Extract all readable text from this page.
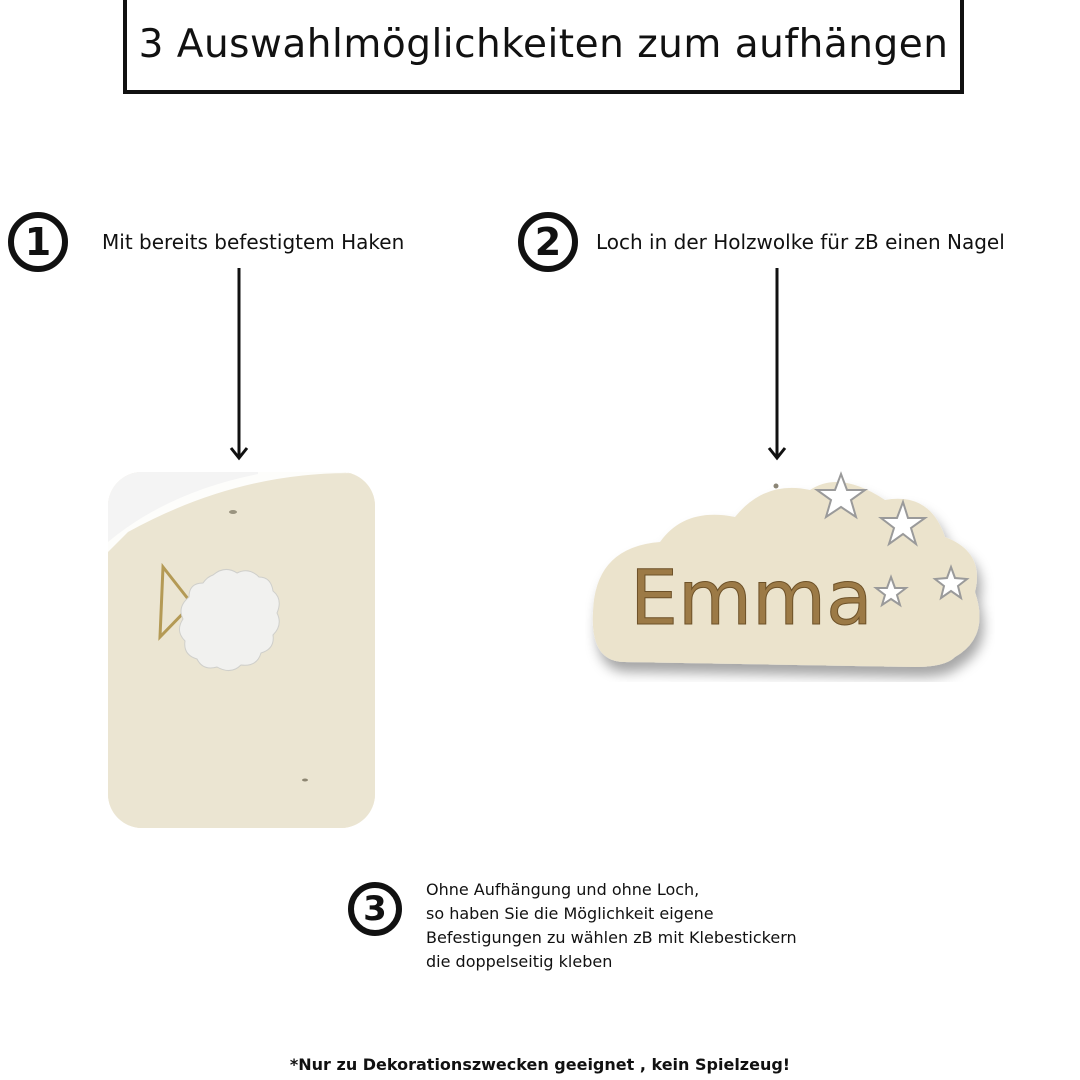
3 Auswahlmöglichkeiten zum aufhängen
1	Mit bereits befestigtem Haken	2 Loch in der Holzwolke für zB einen Nagel
Emma
3 Ohne Aufhängung und ohne Loch,
so haben Sie die Möglichkeit eigene
Befestigungen zu wählen zB mit Klebestickern
die doppelseitig kleben
*Nur zu Dekorationszwecken geeignet , kein Spielzeug!
